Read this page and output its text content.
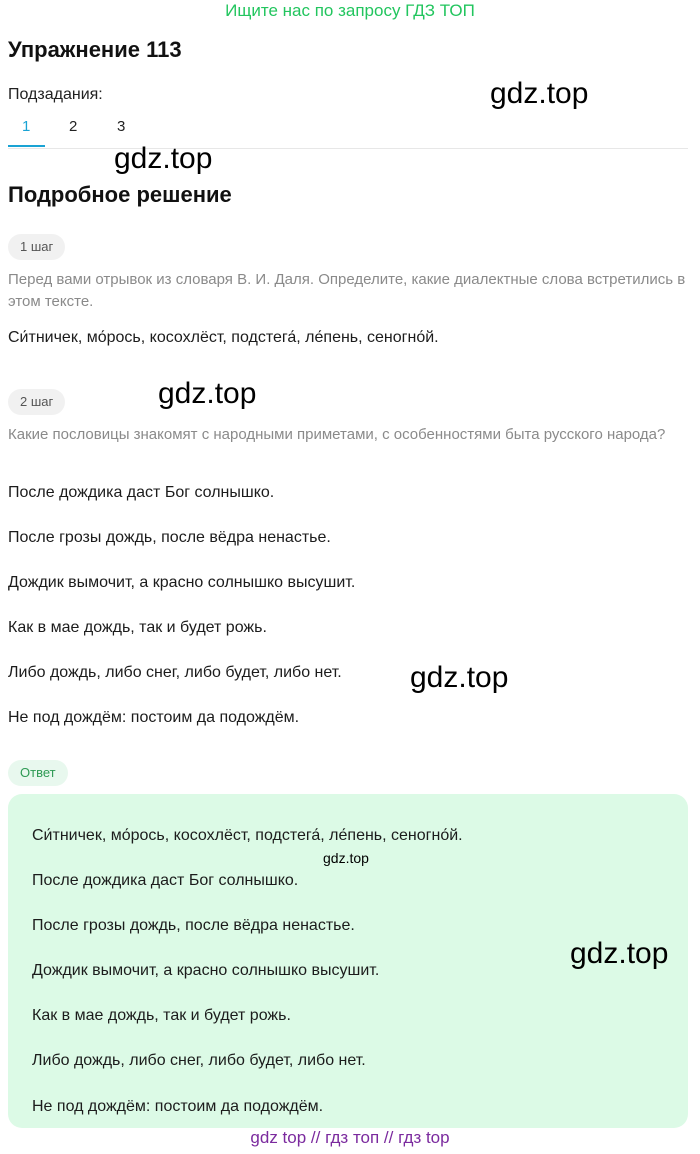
Ищите нас по запросу ГДЗ ТОП
Упражнение 113
Подзадания:
1	2	3
Подробное решение
1 шаг
Перед вами отрывок из словаря В. И. Даля. Определите, какие диалектные слова встретились в этом тексте.
Си́тничек, мо́рось, косохлёст, подстега́, ле́пень, сеногно́й.
2 шаг
Какие пословицы знакомят с народными приметами, с особенностями быта русского народа?
После дождика даст Бог солнышко.
После грозы дождь, после вёдра ненастье.
Дождик вымочит, а красно солнышко высушит.
Как в мае дождь, так и будет рожь.
Либо дождь, либо снег, либо будет, либо нет.
Не под дождём: постоим да подождём.
Ответ
Си́тничек, мо́рось, косохлёст, подстега́, ле́пень, сеногно́й.
После дождика даст Бог солнышко.
После грозы дождь, после вёдра ненастье.
Дождик вымочит, а красно солнышко высушит.
Как в мае дождь, так и будет рожь.
Либо дождь, либо снег, либо будет, либо нет.
Не под дождём: постоим да подождём.
gdz.top
gdz.top
gdz.top
gdz.top
gdz.top
gdz.top
gdz top // гдз топ // гдз top
